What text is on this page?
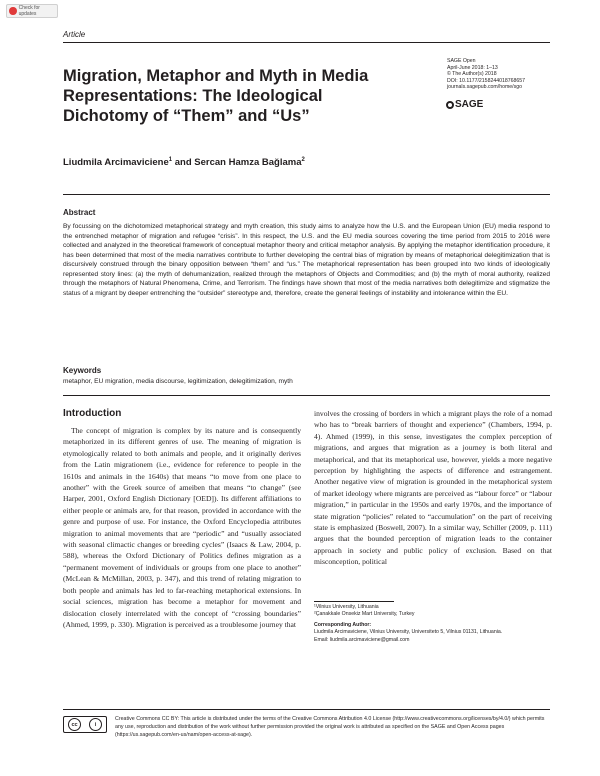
Check for updates
Article
Migration, Metaphor and Myth in Media Representations: The Ideological Dichotomy of “Them” and “Us”
SAGE Open
April-June 2018: 1–13
© The Author(s) 2018
DOI: 10.1177/2158244018768657
journals.sagepub.com/home/sgo
SAGE
Liudmila Arcimaviciene$^1$ and Sercan Hamza Bağlama$^2$
Abstract

By focussing on the dichotomized metaphorical strategy and myth creation, this study aims to analyze how the U.S. and the European Union (EU) media respond to the entrenched metaphor of migration and refugee “crisis”. In this respect, the U.S. and the EU media sources covering the time period from 2015 to 2016 were collected and analyzed in the theoretical framework of conceptual metaphor theory and critical metaphor analysis. By applying the metaphor identification procedure, it has been determined that most of the media narratives contribute to further developing the central bias of migration by means of metaphorical delegitimization that is discursively construed through the binary opposition between “them” and “us.” The metaphorical representation has been grouped into two kinds of ideologically represented story lines: (a) the myth of dehumanization, realized through the metaphors of Objects and Commodities; and (b) the myth of moral authority, realized through the metaphors of Natural Phenomena, Crime, and Terrorism. The findings have shown that most of the media narratives both delegitimize and stigmatize the status of a migrant by deeper entrenching the “outsider” stereotype and, therefore, create the general feelings of instability and intolerance within the EU.

Keywords
metaphor, EU migration, media discourse, legitimization, delegitimization, myth
Introduction

The concept of migration is complex by its nature and is consequently metaphorized in its different genres of use. The meaning of migration is etymologically related to both animals and people, and it originally derives from the Latin migrationem (i.e., evidence for reference to people in the 1610s and animals in the 1640s) that means “to move from one place to another” with the Greek source of ameiben that means “to change” (see Harper, 2001, Oxford English Dictionary [OED]). Its different affiliations to either people or animals are, for that reason, provided in accordance with the genre and purpose of use. For instance, the Oxford Encyclopedia attributes migration to animal movements that are “periodic” and “usually associated with seasonal climactic changes or breeding cycles” (Isaacs & Law, 2004, p. 588), whereas the Oxford Dictionary of Politics defines migration as a “permanent movement of individuals or groups from one place to another” (McLean & McMillan, 2003, p. 347), and this trend of relating migration to both people and animals has led to far-reaching metaphorical extensions. In social sciences, migration has become a metaphor for movement and dislocation closely interrelated with the concept of “crossing boundaries” (Ahmed, 1999, p. 330). Migration is perceived as a troublesome journey that

involves the crossing of borders in which a migrant plays the role of a nomad who has to “break barriers of thought and experience” (Chambers, 1994, p. 4). Ahmed (1999), in this sense, investigates the complex perception of migrations, and argues that migration as a journey is both literal and metaphorical, and that its metaphorical use, however, yields a more negative perception by highlighting the aspects of difference and estrangement. Another negative view of migration is grounded in the metaphorical system of market ideology where migrants are perceived as “labour force” or “labour migration,” in particular in the 1950s and early 1970s, and the importance of state migration “policies” related to “accumulation” on the part of receiving state is emphasized (Boswell, 2007). In a similar way, Schiller (2009, p. 111) argues that the bounded perception of migration leads to the container approach in society and public policy of exclusion. Based on that misconception, political

¹Vilnius University, Lithuania
²Çanakkale Onsekiz Mart University, Turkey
Corresponding Author:
Liudmila Arcimaviciene, Vilnius University, Universiteto 5, Vilnius 01131, Lithuania.
Email: liudmila.arcimaviciene@gmail.com
cc	i

Creative Commons CC BY: This article is distributed under the terms of the Creative Commons Attribution 4.0 License (http://www.creativecommons.org/licenses/by/4.0/) which permits any use, reproduction and distribution of the work without further permission provided the original work is attributed as specified on the SAGE and Open Access pages (https://us.sagepub.com/en-us/nam/open-access-at-sage).
